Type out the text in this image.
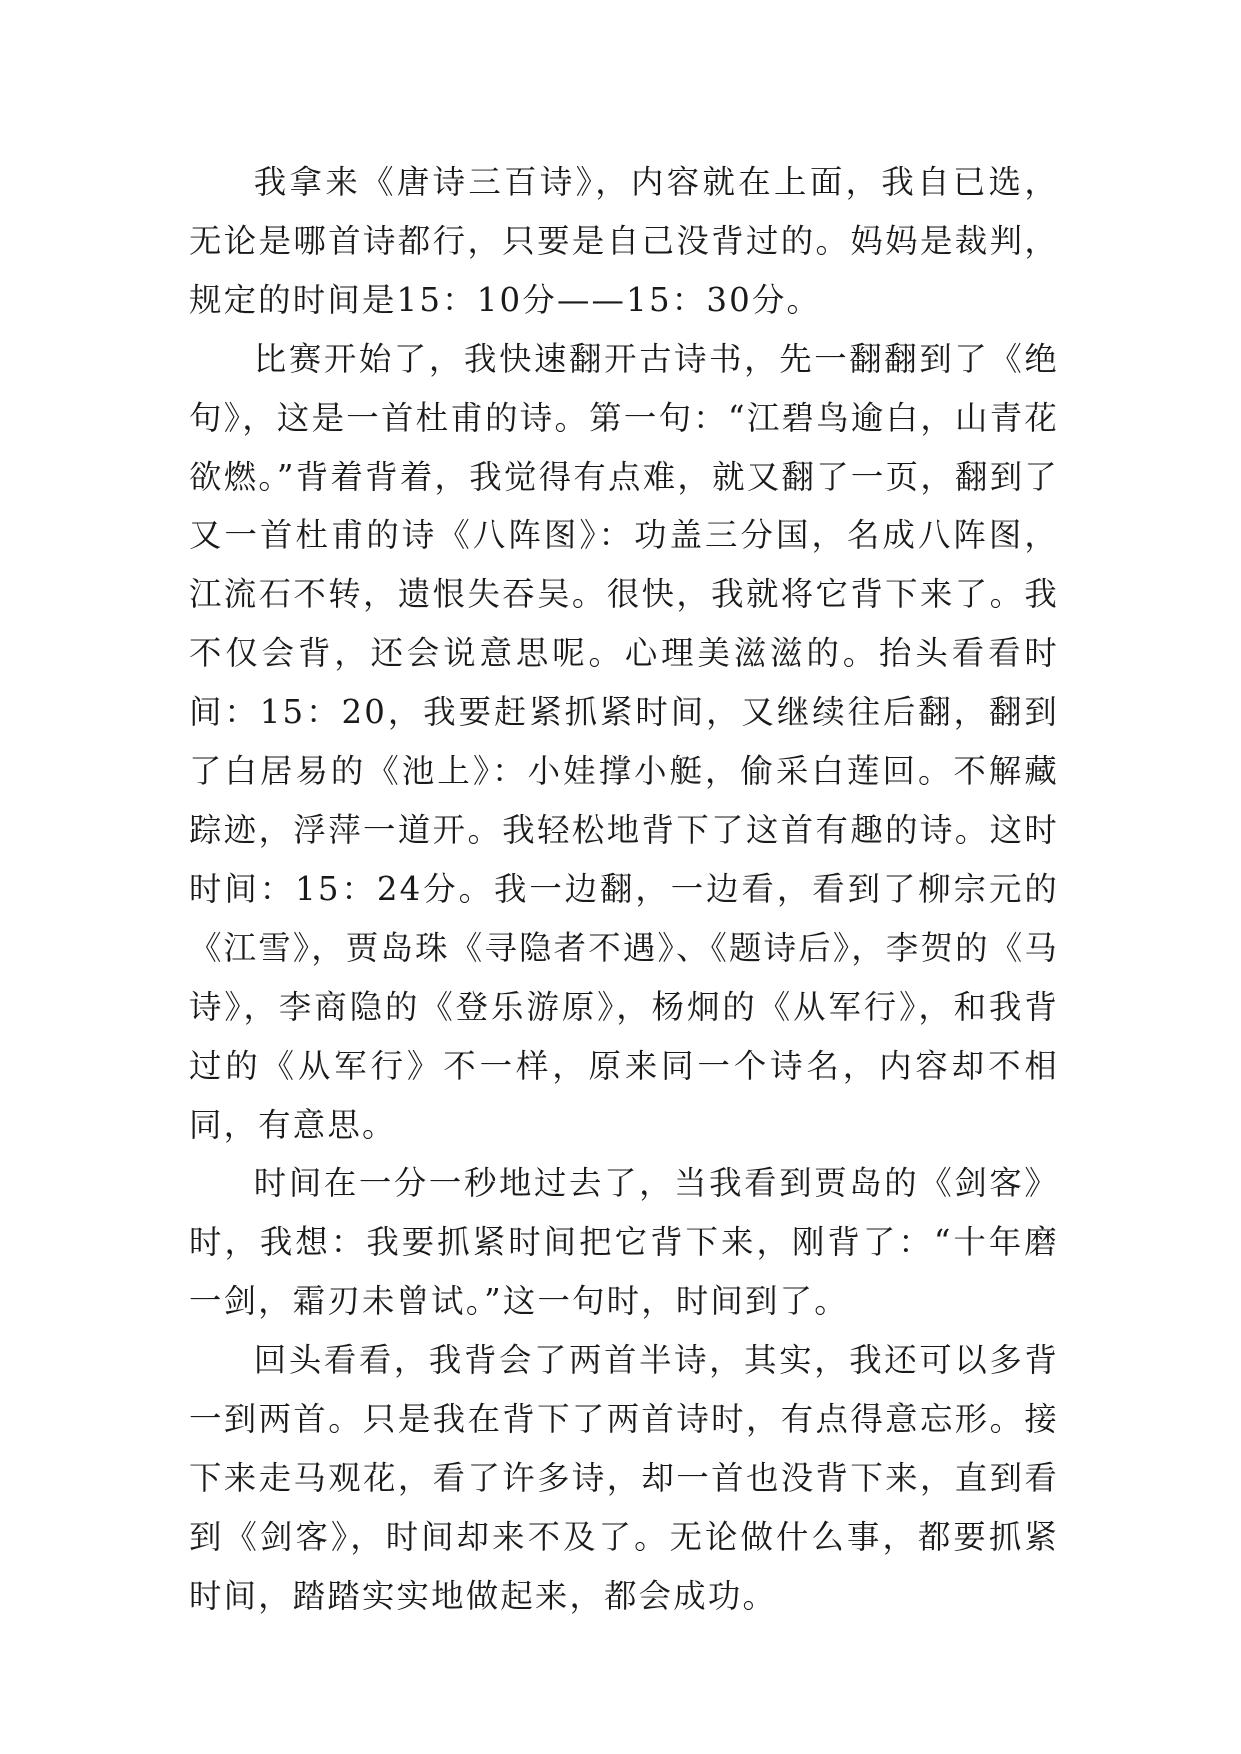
我拿来《唐诗三百诗》，内容就在上面，我自已选，无论是哪首诗都行，只要是自己没背过的。妈妈是裁判，规定的时间是15：10分——15：30分。

比赛开始了，我快速翻开古诗书，先一翻翻到了《绝句》，这是一首杜甫的诗。第一句：“江碧鸟逾白，山青花欲燃。”背着背着，我觉得有点难，就又翻了一页，翻到了又一首杜甫的诗《八阵图》：功盖三分国，名成八阵图，江流石不转，遗恨失吞吴。很快，我就将它背下来了。我不仅会背，还会说意思呢。心理美滋滋的。抬头看看时间：15：20，我要赶紧抓紧时间，又继续往后翻，翻到了白居易的《池上》：小娃撑小艇，偷采白莲回。不解藏踪迹，浮萍一道开。我轻松地背下了这首有趣的诗。这时时间：15：24分。我一边翻，一边看，看到了柳宗元的《江雪》，贾岛珠《寻隐者不遇》、《题诗后》，李贺的《马诗》，李商隐的《登乐游原》，杨炯的《从军行》，和我背过的《从军行》不一样，原来同一个诗名，内容却不相同，有意思。

时间在一分一秒地过去了，当我看到贾岛的《剑客》时，我想：我要抓紧时间把它背下来，刚背了：“十年磨一剑，霜刃未曾试。”这一句时，时间到了。

回头看看，我背会了两首半诗，其实，我还可以多背一到两首。只是我在背下了两首诗时，有点得意忘形。接下来走马观花，看了许多诗，却一首也没背下来，直到看到《剑客》，时间却来不及了。无论做什么事，都要抓紧时间，踏踏实实地做起来，都会成功。
